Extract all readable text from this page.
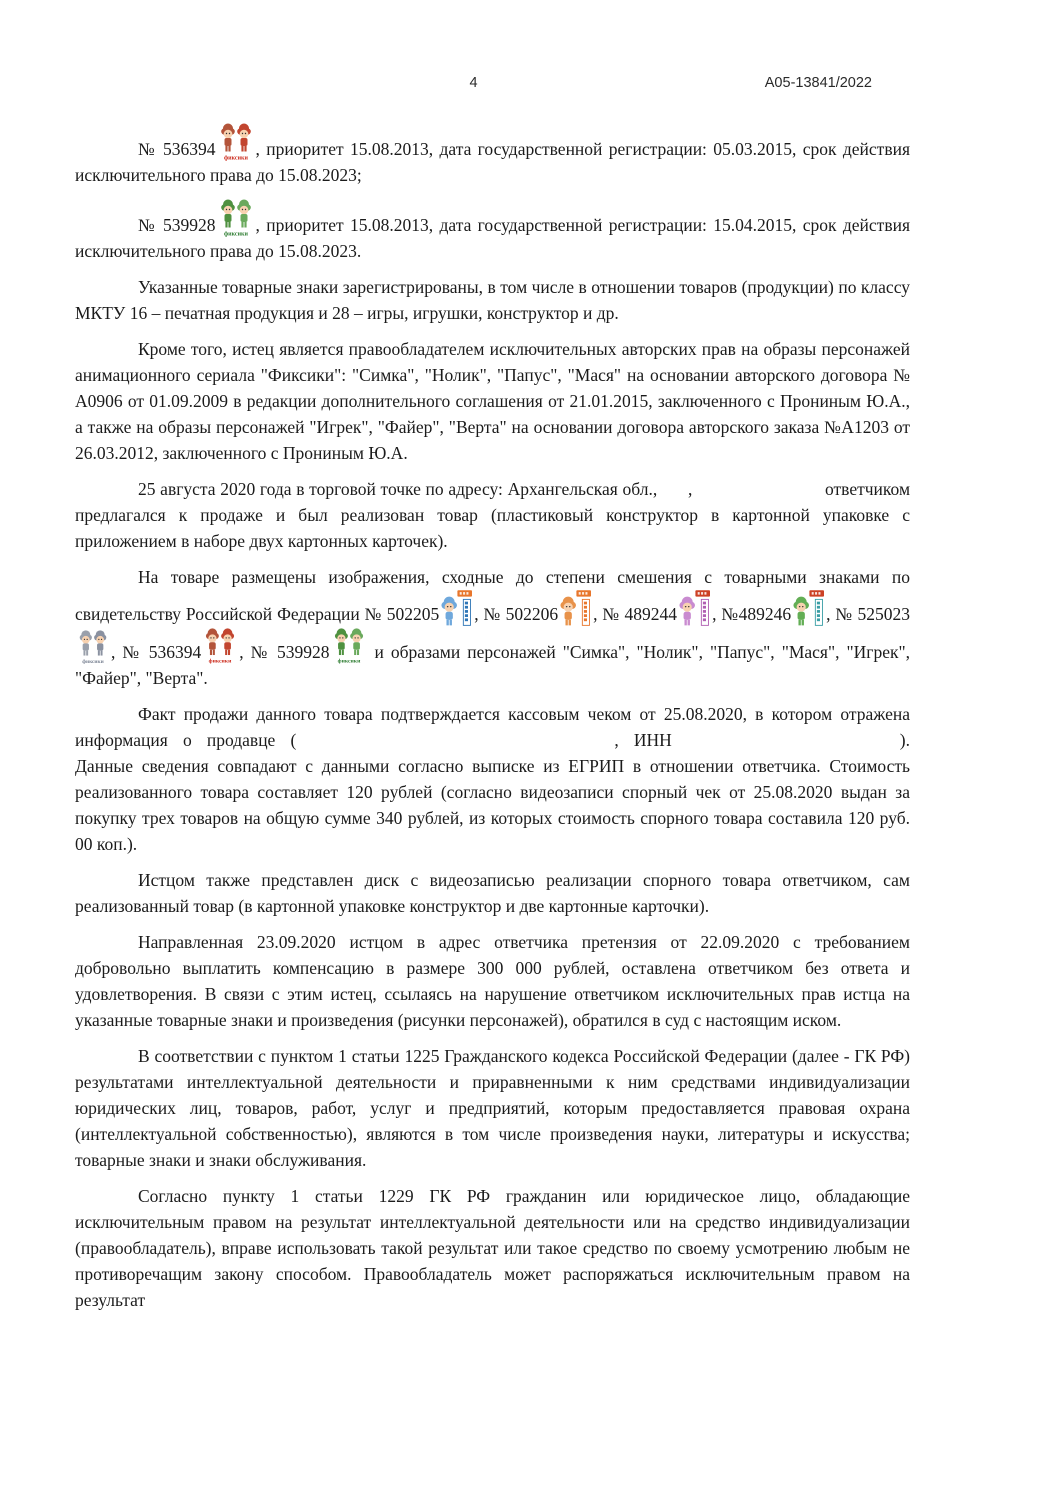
4	А05-13841/2022

№ 536394 фиксики , приоритет 15.08.2013, дата государственной регистрации: 05.03.2015, срок действия исключительного права до 15.08.2023;

№ 539928 фиксики , приоритет 15.08.2013, дата государственной регистрации: 15.04.2015, срок действия исключительного права до 15.08.2023.

Указанные товарные знаки зарегистрированы, в том числе в отношении товаров (продукции) по классу МКТУ 16 – печатная продукция и 28 – игры, игрушки, конструктор и др.

Кроме того, истец является правообладателем исключительных авторских прав на образы персонажей анимационного сериала "Фиксики": "Симка", "Нолик", "Папус", "Мася" на основании авторского договора № А0906 от 01.09.2009 в редакции дополнительного соглашения от 21.01.2015, заключенного с Прониным Ю.А., а также на образы персонажей "Игрек", "Файер", "Верта" на основании договора авторского заказа №А1203 от 26.03.2012, заключенного с Прониным Ю.А.

25 августа 2020 года в торговой точке по адресу: Архангельская обл., ,	ответчиком предлагался к продаже и был реализован товар (пластиковый конструктор в картонной упаковке с приложением в наборе двух картонных карточек).

На товаре размещены изображения, сходные до степени смешения с товарными знаками по свидетельству Российской Федерации № 502205 , № 502206 , № 489244 , №489246 , № 525023
фиксики , № 536394 фиксики , № 539928 фиксики и образами персонажей "Симка", "Нолик", "Папус", "Мася", "Игрек", "Файер", "Верта".

Факт продажи данного товара подтверждается кассовым чеком от 25.08.2020, в котором отражена информация о продавце (	, ИНН	). Данные сведения совпадают с данными согласно выписке из ЕГРИП в отношении ответчика. Стоимость реализованного товара составляет 120 рублей (согласно видеозаписи спорный чек от 25.08.2020 выдан за покупку трех товаров на общую сумме 340 рублей, из которых стоимость спорного товара составила 120 руб. 00 коп.).

Истцом также представлен диск с видеозаписью реализации спорного товара ответчиком, сам реализованный товар (в картонной упаковке конструктор и две картонные карточки).

Направленная 23.09.2020 истцом в адрес ответчика претензия от 22.09.2020 с требованием добровольно выплатить компенсацию в размере 300 000 рублей, оставлена ответчиком без ответа и удовлетворения. В связи с этим истец, ссылаясь на нарушение ответчиком исключительных прав истца на указанные товарные знаки и произведения (рисунки персонажей), обратился в суд с настоящим иском.

В соответствии с пунктом 1 статьи 1225 Гражданского кодекса Российской Федерации (далее - ГК РФ) результатами интеллектуальной деятельности и приравненными к ним средствами индивидуализации юридических лиц, товаров, работ, услуг и предприятий, которым предоставляется правовая охрана (интеллектуальной собственностью), являются в том числе произведения науки, литературы и искусства; товарные знаки и знаки обслуживания.

Согласно пункту 1 статьи 1229 ГК РФ гражданин или юридическое лицо, обладающие исключительным правом на результат интеллектуальной деятельности или на средство индивидуализации (правообладатель), вправе использовать такой результат или такое средство по своему усмотрению любым не противоречащим закону способом. Правообладатель может распоряжаться исключительным правом на результат
